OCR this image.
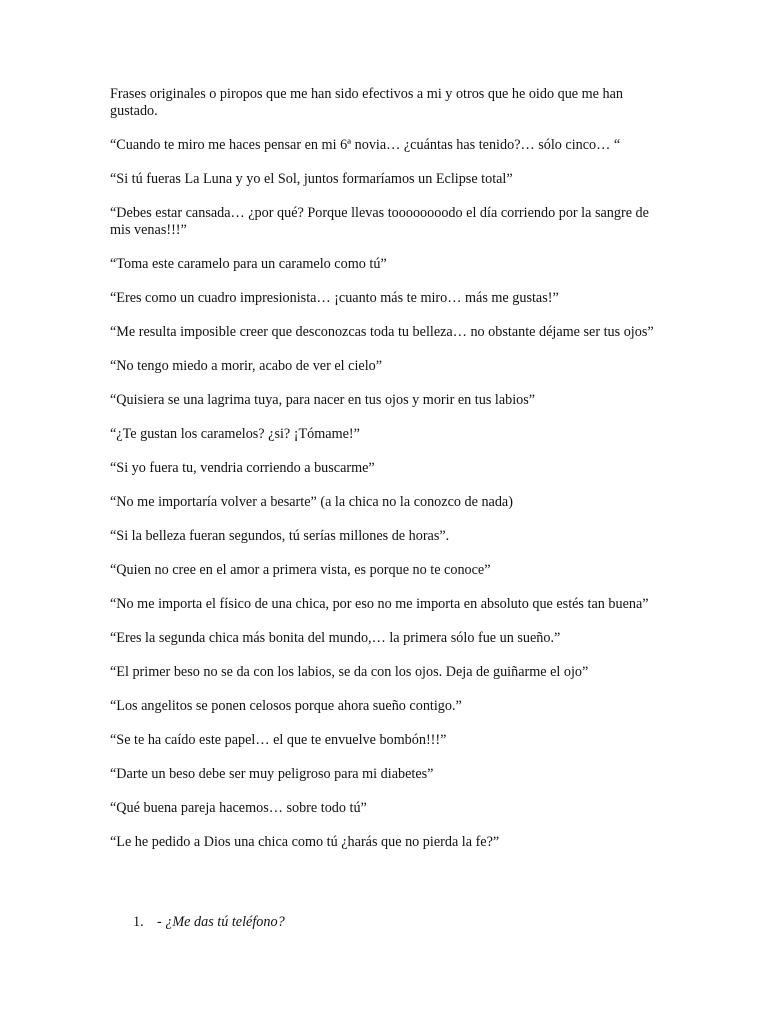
Frases originales o piropos que me han sido efectivos a mi y otros que he oido que me han gustado.

“Cuando te miro me haces pensar en mi 6ª novia… ¿cuántas has tenido?… sólo cinco… “

“Si tú fueras La Luna y yo el Sol, juntos formaríamos un Eclipse total”

“Debes estar cansada… ¿por qué? Porque llevas toooooooodo el día corriendo por la sangre de mis venas!!!”

“Toma este caramelo para un caramelo como tú”

“Eres como un cuadro impresionista… ¡cuanto más te miro… más me gustas!”

“Me resulta imposible creer que desconozcas toda tu belleza… no obstante déjame ser tus ojos”

“No tengo miedo a morir, acabo de ver el cielo”

“Quisiera se una lagrima tuya, para nacer en tus ojos y morir en tus labios”

“¿Te gustan los caramelos? ¿si? ¡Tómame!”

“Si yo fuera tu, vendria corriendo a buscarme”

“No me importaría volver a besarte” (a la chica no la conozco de nada)

“Si la belleza fueran segundos, tú serías millones de horas”.

“Quien no cree en el amor a primera vista, es porque no te conoce”

“No me importa el físico de una chica, por eso no me importa en absoluto que estés tan buena”

“Eres la segunda chica más bonita del mundo,… la primera sólo fue un sueño.”

“El primer beso no se da con los labios, se da con los ojos. Deja de guiñarme el ojo”

“Los angelitos se ponen celosos porque ahora sueño contigo.”

“Se te ha caído este papel… el que te envuelve bombón!!!”

“Darte un beso debe ser muy peligroso para mi diabetes”

“Qué buena pareja hacemos… sobre todo tú”

“Le he pedido a Dios una chica como tú ¿harás que no pierda la fe?”

1. - ¿Me das tú teléfono?
